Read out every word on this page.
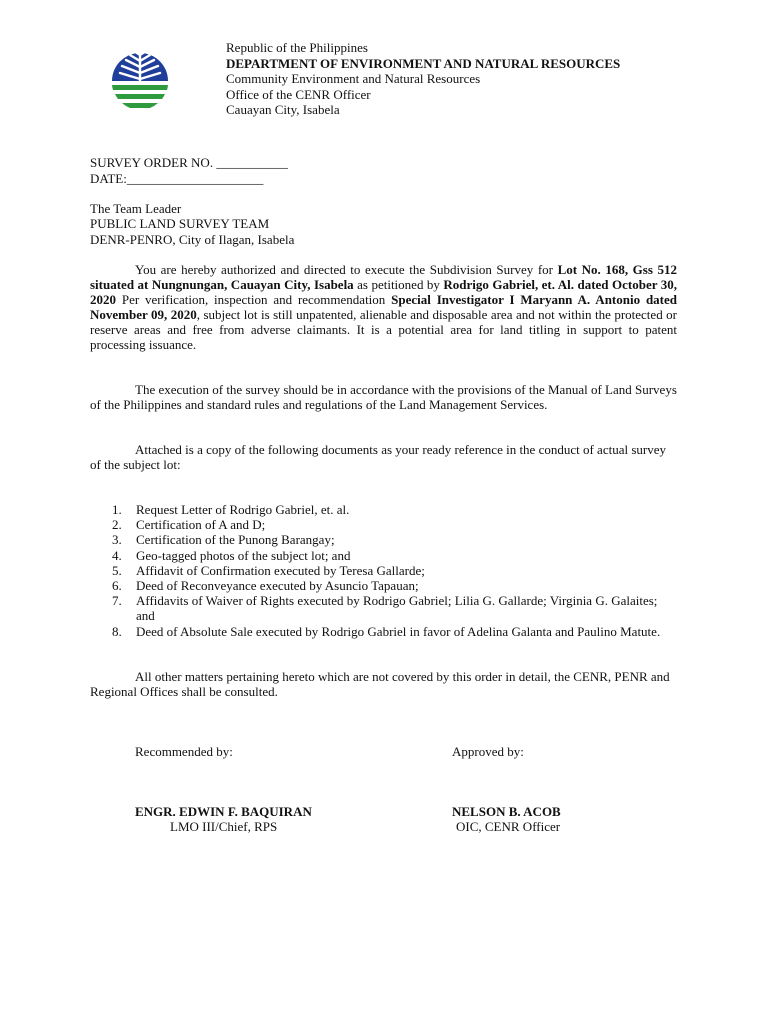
Republic of the Philippines
DEPARTMENT OF ENVIRONMENT AND NATURAL RESOURCES
Community Environment and Natural Resources
Office of the CENR Officer
Cauayan City, Isabela
SURVEY ORDER NO. ___________
DATE:_____________________
The Team Leader
PUBLIC LAND SURVEY TEAM
DENR-PENRO, City of Ilagan, Isabela

You are hereby authorized and directed to execute the Subdivision Survey for Lot No. 168, Gss 512 situated at Nungnungan, Cauayan City, Isabela as petitioned by Rodrigo Gabriel, et. Al. dated October 30, 2020 Per verification, inspection and recommendation Special Investigator I Maryann A. Antonio dated November 09, 2020, subject lot is still unpatented, alienable and disposable area and not within the protected or reserve areas and free from adverse claimants. It is a potential area for land titling in support to patent processing issuance.

The execution of the survey should be in accordance with the provisions of the Manual of Land Surveys of the Philippines and standard rules and regulations of the Land Management Services.

Attached is a copy of the following documents as your ready reference in the conduct of actual survey of the subject lot:

1.	Request Letter of Rodrigo Gabriel, et. al.
2.	Certification of A and D;
3.	Certification of the Punong Barangay;
4.	Geo-tagged photos of the subject lot; and
5.	Affidavit of Confirmation executed by Teresa Gallarde;
6.	Deed of Reconveyance executed by Asuncio Tapauan;
7.	Affidavits of Waiver of Rights executed by Rodrigo Gabriel; Lilia G. Gallarde; Virginia G. Galaites; and
8.	Deed of Absolute Sale executed by Rodrigo Gabriel in favor of Adelina Galanta and Paulino Matute.

All other matters pertaining hereto which are not covered by this order in detail, the CENR, PENR and Regional Offices shall be consulted.

Recommended by:	Approved by:
ENGR. EDWIN F. BAQUIRAN
LMO III/Chief, RPS
NELSON B. ACOB
OIC, CENR Officer
